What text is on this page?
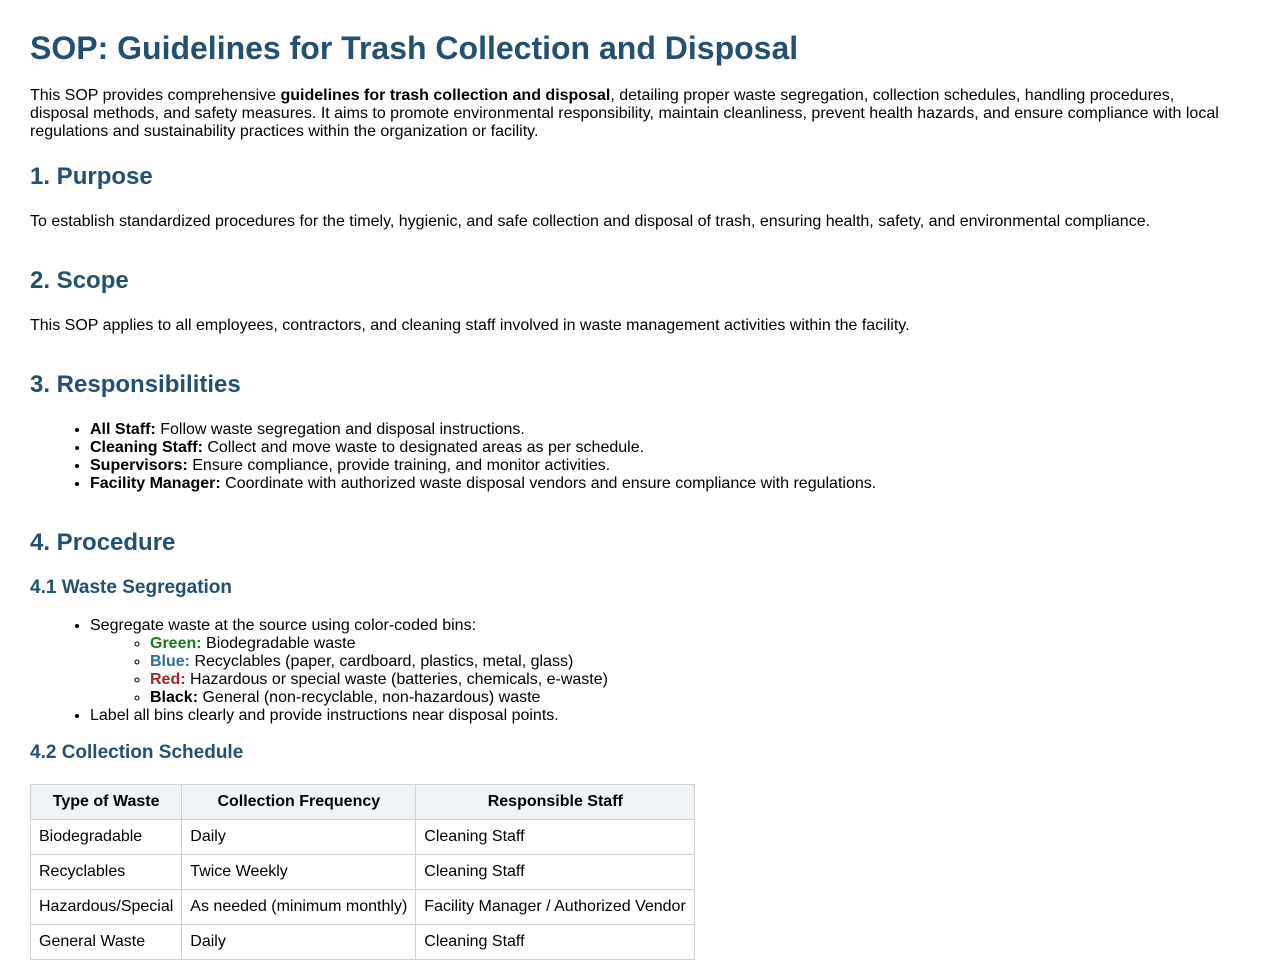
SOP: Guidelines for Trash Collection and Disposal

This SOP provides comprehensive guidelines for trash collection and disposal, detailing proper waste segregation, collection schedules, handling procedures, disposal methods, and safety measures. It aims to promote environmental responsibility, maintain cleanliness, prevent health hazards, and ensure compliance with local regulations and sustainability practices within the organization or facility.

1. Purpose

To establish standardized procedures for the timely, hygienic, and safe collection and disposal of trash, ensuring health, safety, and environmental compliance.

2. Scope

This SOP applies to all employees, contractors, and cleaning staff involved in waste management activities within the facility.

3. Responsibilities
• All Staff: Follow waste segregation and disposal instructions.
• Cleaning Staff: Collect and move waste to designated areas as per schedule.
• Supervisors: Ensure compliance, provide training, and monitor activities.
• Facility Manager: Coordinate with authorized waste disposal vendors and ensure compliance with regulations.
4. Procedure
4.1 Waste Segregation
• Segregate waste at the source using color-coded bins:
◦ Green: Biodegradable waste
◦ Blue: Recyclables (paper, cardboard, plastics, metal, glass)
◦ Red: Hazardous or special waste (batteries, chemicals, e-waste)
◦ Black: General (non-recyclable, non-hazardous) waste
• Label all bins clearly and provide instructions near disposal points.
4.2 Collection Schedule
Type of Waste	Collection Frequency	Responsible Staff
Biodegradable	Daily	Cleaning Staff
Recyclables	Twice Weekly	Cleaning Staff
Hazardous/Special	As needed (minimum monthly)	Facility Manager / Authorized Vendor
General Waste	Daily	Cleaning Staff
